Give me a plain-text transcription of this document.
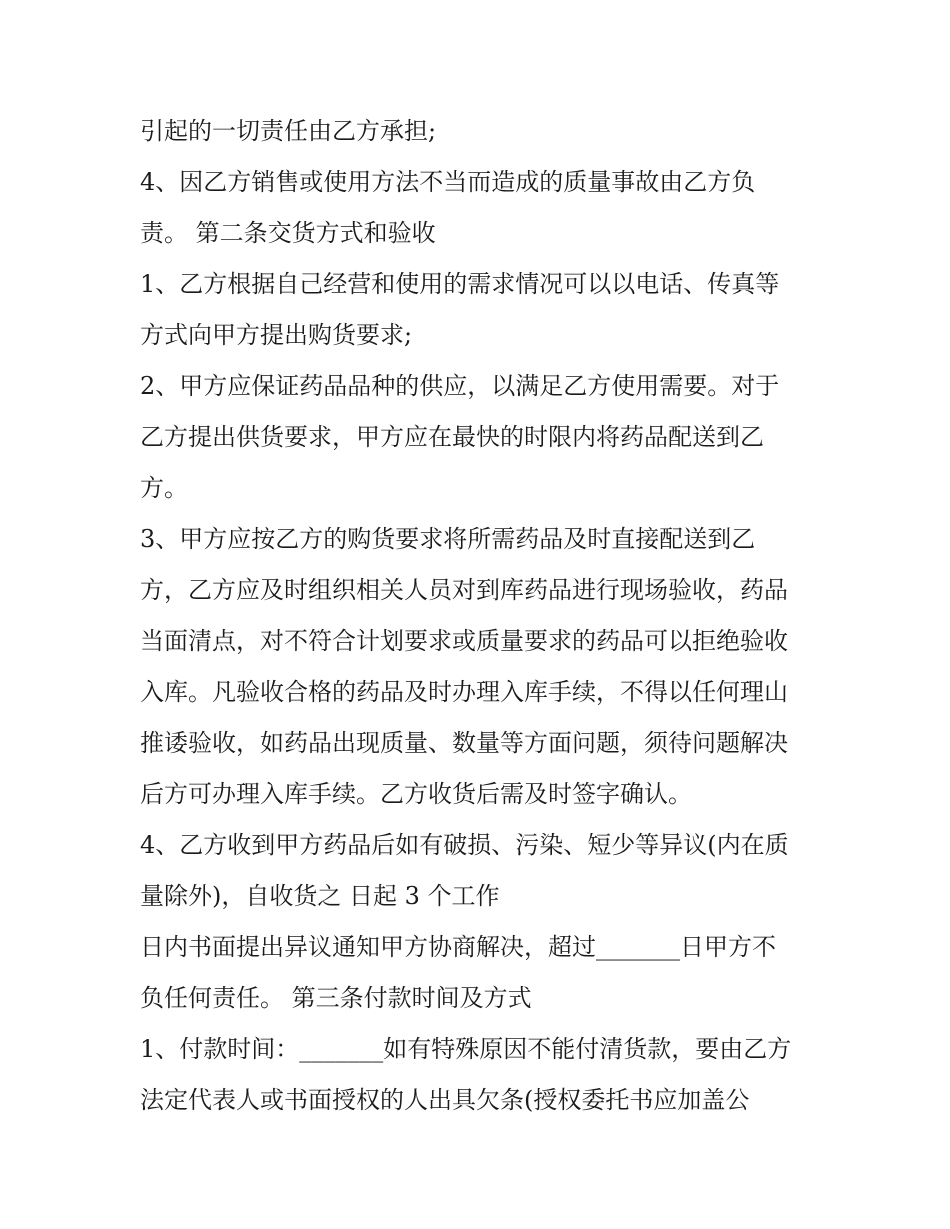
引起的一切责任由乙方承担;
4、因乙方销售或使用方法不当而造成的质量事故由乙方负
责。 第二条交货方式和验收
1、乙方根据自己经营和使用的需求情况可以以电话、传真等
方式向甲方提出购货要求;
2、甲方应保证药品品种的供应，以满足乙方使用需要。对于
乙方提出供货要求，甲方应在最快的时限内将药品配送到乙
方。
3、甲方应按乙方的购货要求将所需药品及时直接配送到乙
方，乙方应及时组织相关人员对到库药品进行现场验收，药品
当面清点，对不符合计划要求或质量要求的药品可以拒绝验收
入库。凡验收合格的药品及时办理入库手续，不得以任何理山
推诿验收，如药品出现质量、数量等方面问题，须待问题解决
后方可办理入库手续。乙方收货后需及时签字确认。
4、乙方收到甲方药品后如有破损、污染、短少等异议(内在质
量除外)，自收货之 日起 3 个工作
日内书面提出异议通知甲方协商解决，超过_______日甲方不
负任何责任。 第三条付款时间及方式
1、付款时间：_______如有特殊原因不能付清货款，要由乙方
法定代表人或书面授权的人出具欠条(授权委托书应加盖公
